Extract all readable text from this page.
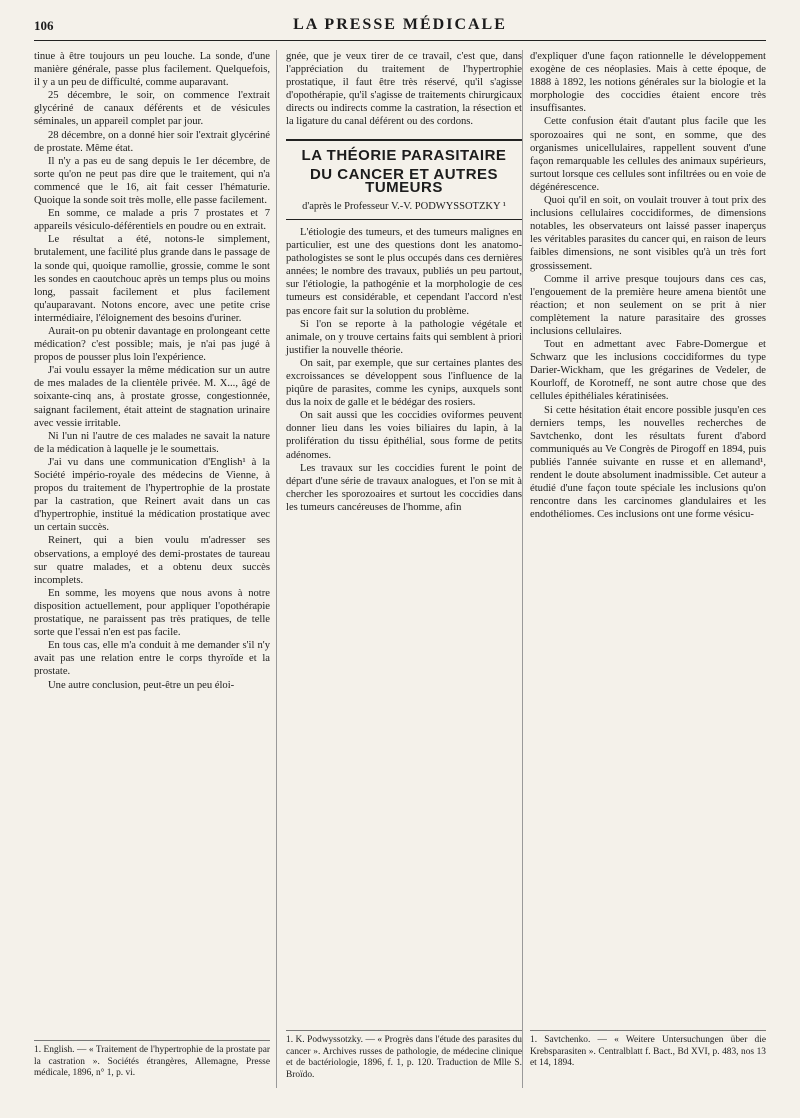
106	LA PRESSE MÉDICALE

tinue à être toujours un peu louche. La sonde, d'une manière générale, passe plus facilement. Quelquefois, il y a un peu de difficulté, comme auparavant.

25 décembre, le soir, on commence l'extrait glycériné de canaux déférents et de vésicules séminales, un appareil complet par jour.

28 décembre, on a donné hier soir l'extrait glycériné de prostate. Même état.

Il n'y a pas eu de sang depuis le 1er décembre, de sorte qu'on ne peut pas dire que le traitement, qui n'a commencé que le 16, ait fait cesser l'hématurie. Quoique la sonde soit très molle, elle passe facilement.

En somme, ce malade a pris 7 prostates et 7 appareils vésiculo-déférentiels en poudre ou en extrait.

Le résultat a été, notons-le simplement, brutalement, une facilité plus grande dans le passage de la sonde qui, quoique ramollie, grossie, comme le sont les sondes en caoutchouc après un temps plus ou moins long, passait facilement et plus facilement qu'auparavant. Notons encore, avec une petite crise intermédiaire, l'éloignement des besoins d'uriner.

Aurait-on pu obtenir davantage en prolongeant cette médication? c'est possible; mais, je n'ai pas jugé à propos de pousser plus loin l'expérience.

J'ai voulu essayer la même médication sur un autre de mes malades de la clientèle privée. M. X..., âgé de soixante-cinq ans, à prostate grosse, congestionnée, saignant facilement, était atteint de stagnation urinaire avec vessie irritable.

Ni l'un ni l'autre de ces malades ne savait la nature de la médication à laquelle je le soumettais.

J'ai vu dans une communication d'English¹ à la Société império-royale des médecins de Vienne, à propos du traitement de l'hypertrophie de la prostate par la castration, que Reinert avait dans un cas d'hypertrophie, institué la médication prostatique avec un certain succès.

Reinert, qui a bien voulu m'adresser ses observations, a employé des demi-prostates de taureau sur quatre malades, et a obtenu deux succès incomplets.

En somme, les moyens que nous avons à notre disposition actuellement, pour appliquer l'opothérapie prostatique, ne paraissent pas très pratiques, de telle sorte que l'essai n'en est pas facile.

En tous cas, elle m'a conduit à me demander s'il n'y avait pas une relation entre le corps thyroïde et la prostate.

Une autre conclusion, peut-être un peu éloi-

gnée, que je veux tirer de ce travail, c'est que, dans l'appréciation du traitement de l'hypertrophie prostatique, il faut être très réservé, qu'il s'agisse d'opothérapie, qu'il s'agisse de traitements chirurgicaux directs ou indirects comme la castration, la résection et la ligature du canal déférent ou des cordons.

LA THÉORIE PARASITAIRE
DU CANCER ET AUTRES TUMEURS
d'après le Professeur V.-V. PODWYSSOTZKY ¹

L'étiologie des tumeurs, et des tumeurs malignes en particulier, est une des questions dont les anatomo-pathologistes se sont le plus occupés dans ces dernières années; le nombre des travaux, publiés un peu partout, sur l'étiologie, la pathogénie et la morphologie de ces tumeurs est considérable, et cependant l'accord n'est pas encore fait sur la solution du problème.

Si l'on se reporte à la pathologie végétale et animale, on y trouve certains faits qui semblent à priori justifier la nouvelle théorie.

On sait, par exemple, que sur certaines plantes des excroissances se développent sous l'influence de la piqûre de parasites, comme les cynips, auxquels sont dus la noix de galle et le bédégar des rosiers.

On sait aussi que les coccidies oviformes peuvent donner lieu dans les voies biliaires du lapin, à la prolifération du tissu épithélial, sous forme de petits adénomes.

Les travaux sur les coccidies furent le point de départ d'une série de travaux analogues, et l'on se mit à chercher les sporozoaires et surtout les coccidies dans les tumeurs cancéreuses de l'homme, afin

d'expliquer d'une façon rationnelle le développement exogène de ces néoplasies. Mais à cette époque, de 1888 à 1892, les notions générales sur la biologie et la morphologie des coccidies étaient encore très insuffisantes.

Cette confusion était d'autant plus facile que les sporozoaires qui ne sont, en somme, que des organismes unicellulaires, rappellent souvent d'une façon remarquable les cellules des animaux supérieurs, surtout lorsque ces cellules sont infiltrées ou en voie de dégénérescence.

Quoi qu'il en soit, on voulait trouver à tout prix des inclusions cellulaires coccidiformes, de dimensions notables, les observateurs ont laissé passer inaperçus les véritables parasites du cancer qui, en raison de leurs faibles dimensions, ne sont visibles qu'à un très fort grossissement.

Comme il arrive presque toujours dans ces cas, l'engouement de la première heure amena bientôt une réaction; et non seulement on se prit à nier complètement la nature parasitaire des grosses inclusions cellulaires.

Tout en admettant avec Fabre-Domergue et Schwarz que les inclusions coccidiformes du type Darier-Wickham, que les grégarines de Vedeler, de Kourloff, de Korotneff, ne sont autre chose que des cellules épithéliales kératinisées.

Si cette hésitation était encore possible jusqu'en ces derniers temps, les nouvelles recherches de Savtchenko, dont les résultats furent d'abord communiqués au Ve Congrès de Pirogoff en 1894, puis publiés l'année suivante en russe et en allemand¹, rendent le doute absolument inadmissible. Cet auteur a étudié d'une façon toute spéciale les inclusions qu'on rencontre dans les carcinomes glandulaires et les endothéliomes. Ces inclusions ont une forme vésicu-

1. English. — « Traitement de l'hypertrophie de la prostate par la castration ». Sociétés étrangères, Allemagne, Presse médicale, 1896, n° 1, p. vi.
1. K. Podwyssotzky. — « Progrès dans l'étude des parasites du cancer ». Archives russes de pathologie, de médecine clinique et de bactériologie, 1896, f. 1, p. 120. Traduction de Mlle S. Broïdo.
1. Savtchenko. — « Weitere Untersuchungen über die Krebsparasiten ». Centralblatt f. Bact., Bd XVI, p. 483, nos 13 et 14, 1894.
